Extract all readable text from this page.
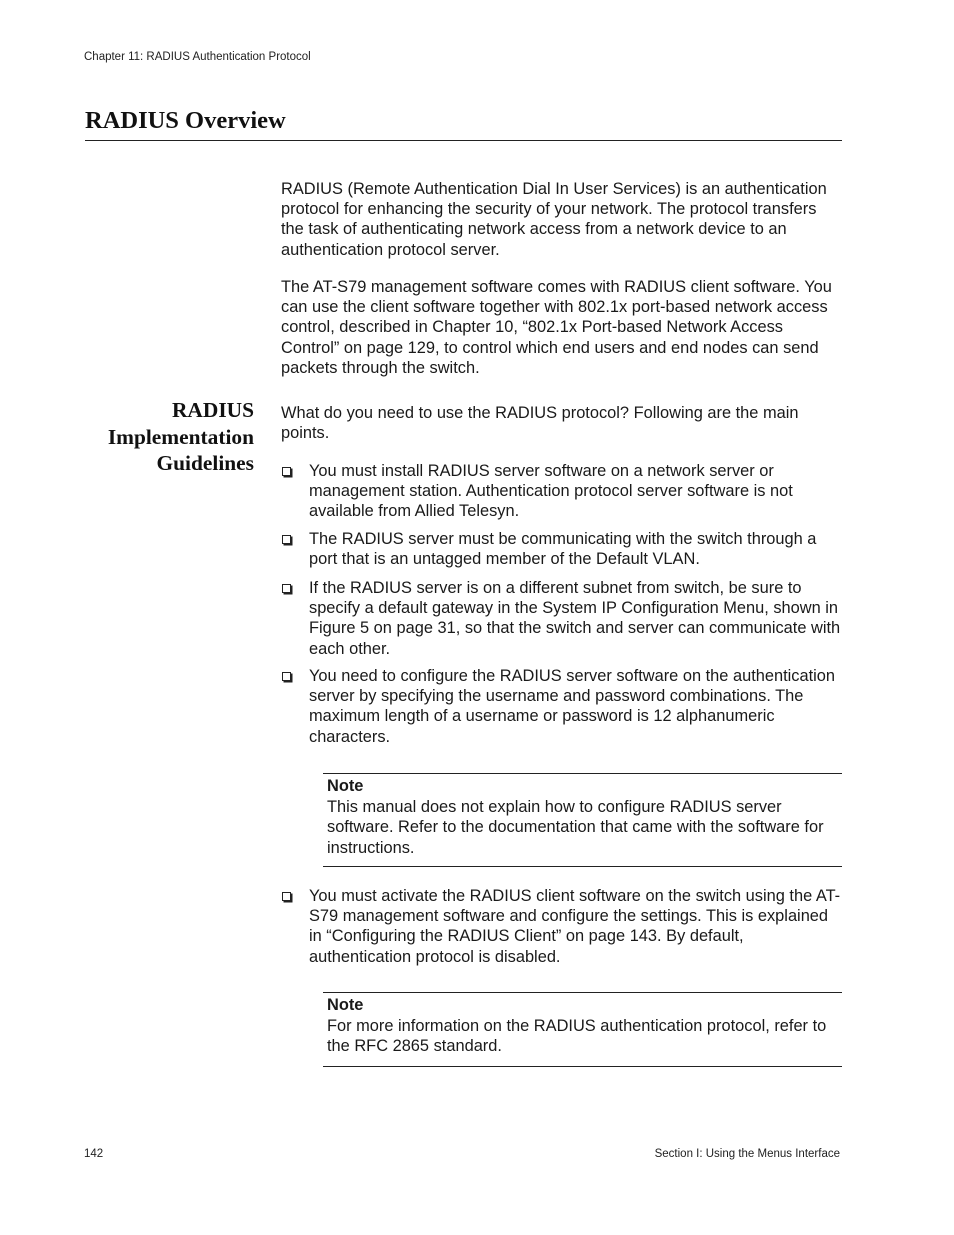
Chapter 11: RADIUS Authentication Protocol
RADIUS Overview

RADIUS (Remote Authentication Dial In User Services) is an authentication protocol for enhancing the security of your network. The protocol transfers the task of authenticating network access from a network device to an authentication protocol server.

The AT-S79 management software comes with RADIUS client software. You can use the client software together with 802.1x port-based network access control, described in Chapter 10, “802.1x Port-based Network Access Control” on page 129, to control which end users and end nodes can send packets through the switch.

RADIUS
Implementation
Guidelines

What do you need to use the RADIUS protocol? Following are the main points.

You must install RADIUS server software on a network server or management station. Authentication protocol server software is not available from Allied Telesyn.
The RADIUS server must be communicating with the switch through a port that is an untagged member of the Default VLAN.
If the RADIUS server is on a different subnet from switch, be sure to specify a default gateway in the System IP Configuration Menu, shown in Figure 5 on page 31, so that the switch and server can communicate with each other.
You need to configure the RADIUS server software on the authentication server by specifying the username and password combinations. The maximum length of a username or password is 12 alphanumeric characters.
Note
This manual does not explain how to configure RADIUS server software. Refer to the documentation that came with the software for instructions.
You must activate the RADIUS client software on the switch using the AT-S79 management software and configure the settings. This is explained in “Configuring the RADIUS Client” on page 143. By default, authentication protocol is disabled.
Note
For more information on the RADIUS authentication protocol, refer to the RFC 2865 standard.
142	Section I: Using the Menus Interface
